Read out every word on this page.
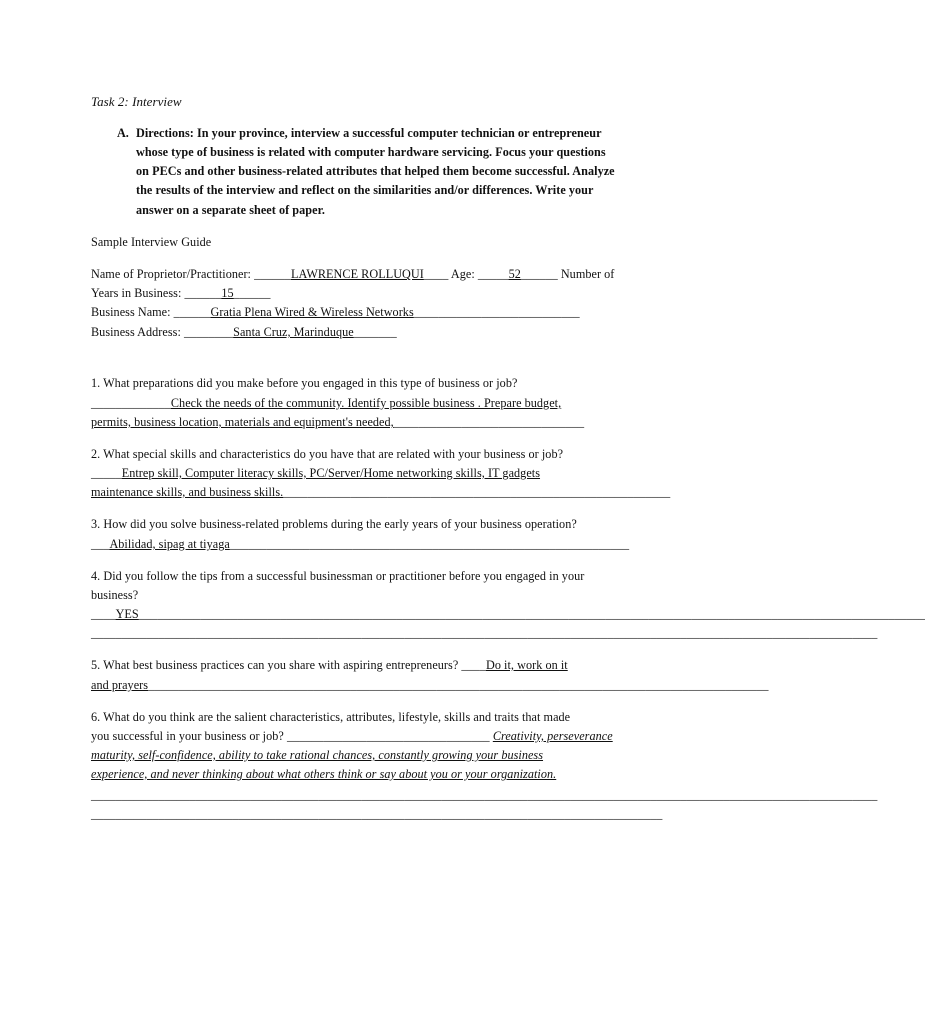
Task 2: Interview
A. Directions: In your province, interview a successful computer technician or entrepreneur
whose type of business is related with computer hardware servicing. Focus your questions
on PECs and other business-related attributes that helped them become successful. Analyze
the results of the interview and reflect on the similarities and/or differences. Write your
answer on a separate sheet of paper.
Sample Interview Guide
Name of Proprietor/Practitioner: ______LAWRENCE ROLLUQUI____ Age: _____52______ Number of
Years in Business: ______15______
Business Name: ______Gratia Plena Wired & Wireless Networks___________________________
Business Address: ________Santa Cruz, Marinduque_______
1. What preparations did you make before you engaged in this type of business or job?
_____________Check the needs of the community. Identify possible business . Prepare budget,
permits, business location, materials and equipment's needed,_______________________________
2. What special skills and characteristics do you have that are related with your business or job?
_____Entrep skill, Computer literacy skills, PC/Server/Home networking skills, IT gadgets
maintenance skills, and business skills._______________________________________________________________
3. How did you solve business-related problems during the early years of your business operation?
___Abilidad, sipag at tiyaga_________________________________________________________________
4. Did you follow the tips from a successful businessman or practitioner before you engaged in your
business?
____YES________________________________________________________________________________________________________________________________
________________________________________________________________________________________________________________________________
5. What best business practices can you share with aspiring entrepreneurs? ____Do it, work on it
and prayers_____________________________________________________________________________________________________
6. What do you think are the salient characteristics, attributes, lifestyle, skills and traits that made
you successful in your business or job? _________________________________ Creativity, perseverance
maturity, self-confidence, ability to take rational chances, constantly growing your business
experience, and never thinking about what others think or say about you or your organization.
________________________________________________________________________________________________________________________________
_____________________________________________________________________________________________
